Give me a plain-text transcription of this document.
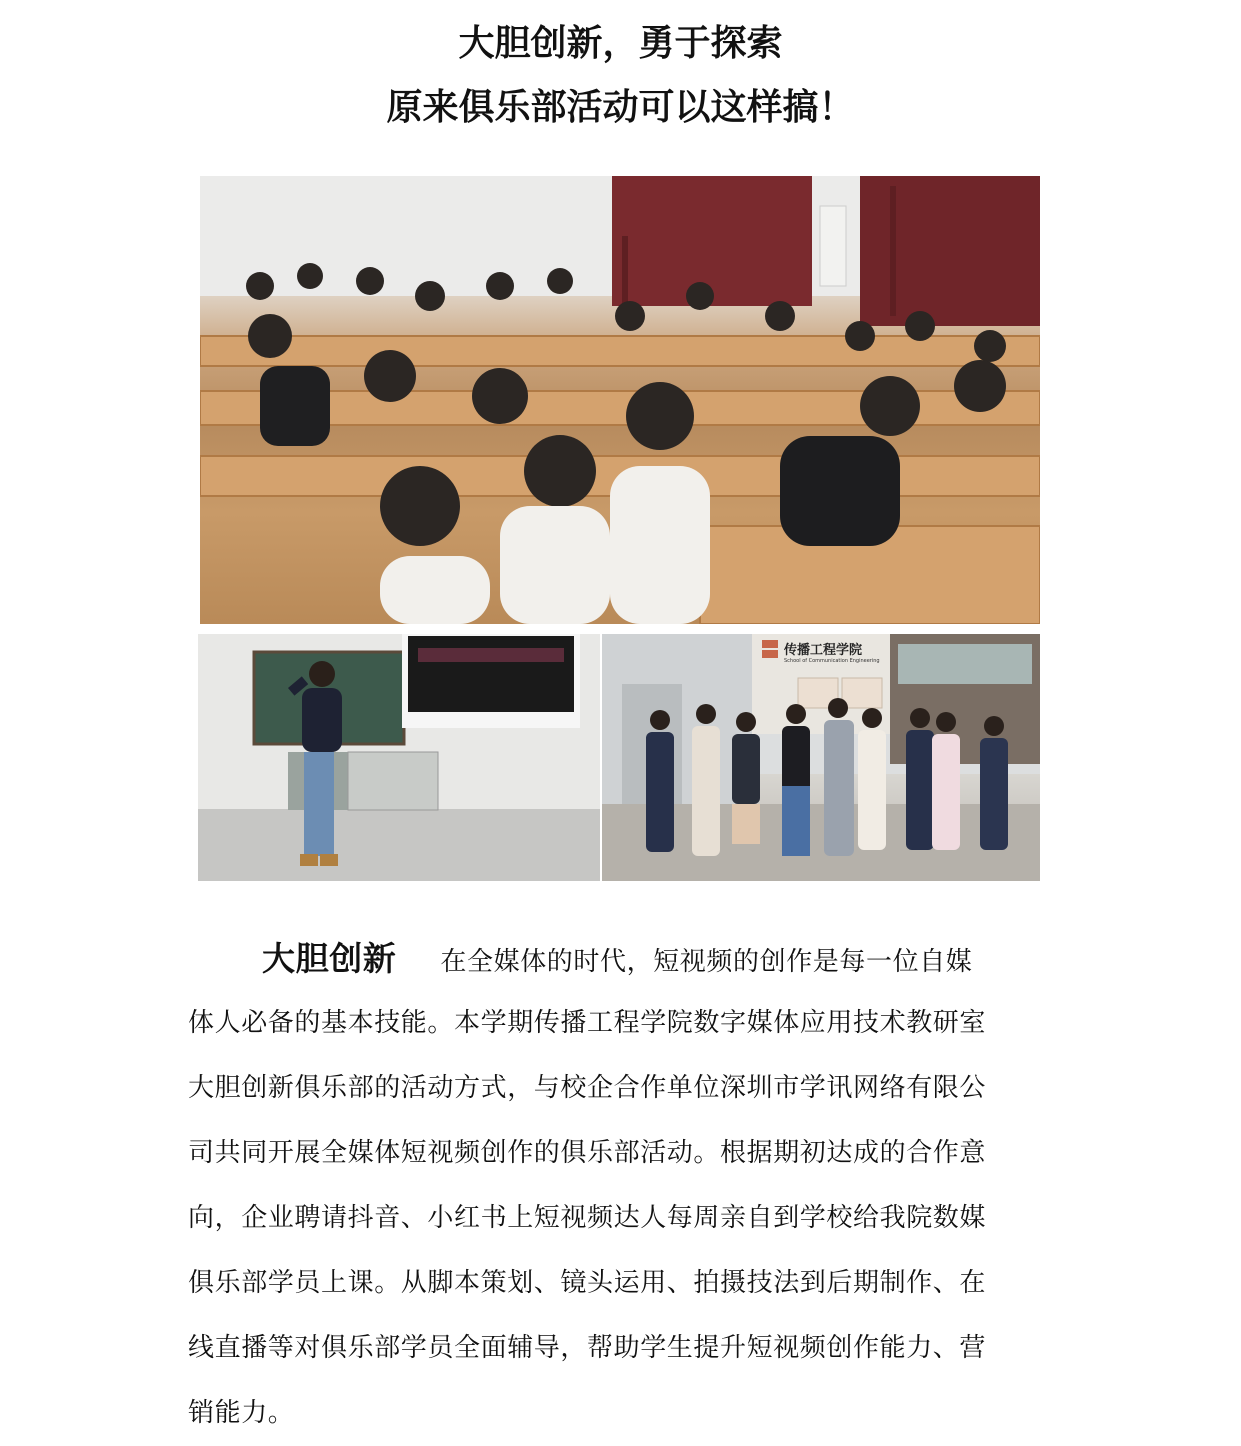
大胆创新，勇于探索
原来俱乐部活动可以这样搞！
传播工程学院
School of Communication Engineering
大胆创新 在全媒体的时代，短视频的创作是每一位自媒
体人必备的基本技能。本学期传播工程学院数字媒体应用技术教研室
大胆创新俱乐部的活动方式，与校企合作单位深圳市学讯网络有限公
司共同开展全媒体短视频创作的俱乐部活动。根据期初达成的合作意
向，企业聘请抖音、小红书上短视频达人每周亲自到学校给我院数媒
俱乐部学员上课。从脚本策划、镜头运用、拍摄技法到后期制作、在
线直播等对俱乐部学员全面辅导，帮助学生提升短视频创作能力、营
销能力。
